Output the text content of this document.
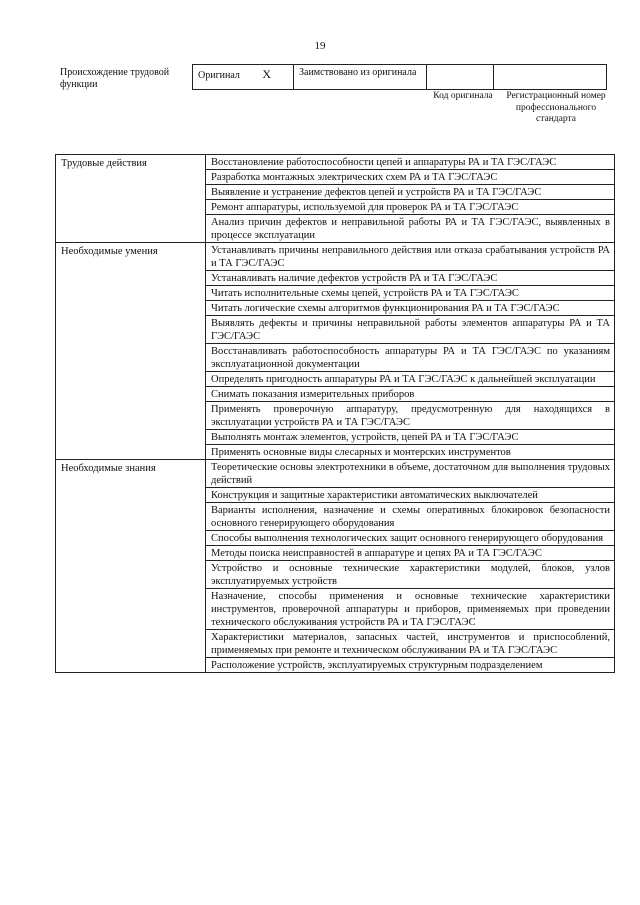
19
Происхождение трудовой функции
Оригинал X	Заимствовано из оригинала		
Код оригинала	Регистрационный номер профессионального стандарта
Трудовые действия	Восстановление работоспособности цепей и аппаратуры РА и ТА ГЭС/ГАЭС
	Разработка монтажных электрических схем РА и ТА ГЭС/ГАЭС
	Выявление и устранение дефектов цепей и устройств РА и ТА ГЭС/ГАЭС
	Ремонт аппаратуры, используемой для проверок РА и ТА ГЭС/ГАЭС
	Анализ причин дефектов и неправильной работы РА и ТА ГЭС/ГАЭС, выявленных в процессе эксплуатации
Необходимые умения	Устанавливать причины неправильного действия или отказа срабатывания устройств РА и ТА ГЭС/ГАЭС
	Устанавливать наличие дефектов устройств РА и ТА ГЭС/ГАЭС
	Читать исполнительные схемы цепей, устройств РА и ТА ГЭС/ГАЭС
	Читать логические схемы алгоритмов функционирования РА и ТА ГЭС/ГАЭС
	Выявлять дефекты и причины неправильной работы элементов аппаратуры РА и ТА ГЭС/ГАЭС
	Восстанавливать работоспособность аппаратуры РА и ТА ГЭС/ГАЭС по указаниям эксплуатационной документации
	Определять пригодность аппаратуры РА и ТА ГЭС/ГАЭС к дальнейшей эксплуатации
	Снимать показания измерительных приборов
	Применять проверочную аппаратуру, предусмотренную для находящихся в эксплуатации устройств РА и ТА ГЭС/ГАЭС
	Выполнять монтаж элементов, устройств, цепей РА и ТА ГЭС/ГАЭС
	Применять основные виды слесарных и монтерских инструментов
Необходимые знания	Теоретические основы электротехники в объеме, достаточном для выполнения трудовых действий
	Конструкция и защитные характеристики автоматических выключателей
	Варианты исполнения, назначение и схемы оперативных блокировок безопасности основного генерирующего оборудования
	Способы выполнения технологических защит основного генерирующего оборудования
	Методы поиска неисправностей в аппаратуре и цепях РА и ТА ГЭС/ГАЭС
	Устройство и основные технические характеристики модулей, блоков, узлов эксплуатируемых устройств
	Назначение, способы применения и основные технические характеристики инструментов, проверочной аппаратуры и приборов, применяемых при проведении технического обслуживания устройств РА и ТА ГЭС/ГАЭС
	Характеристики материалов, запасных частей, инструментов и приспособлений, применяемых при ремонте и техническом обслуживании РА и ТА ГЭС/ГАЭС
	Расположение устройств, эксплуатируемых структурным подразделением
